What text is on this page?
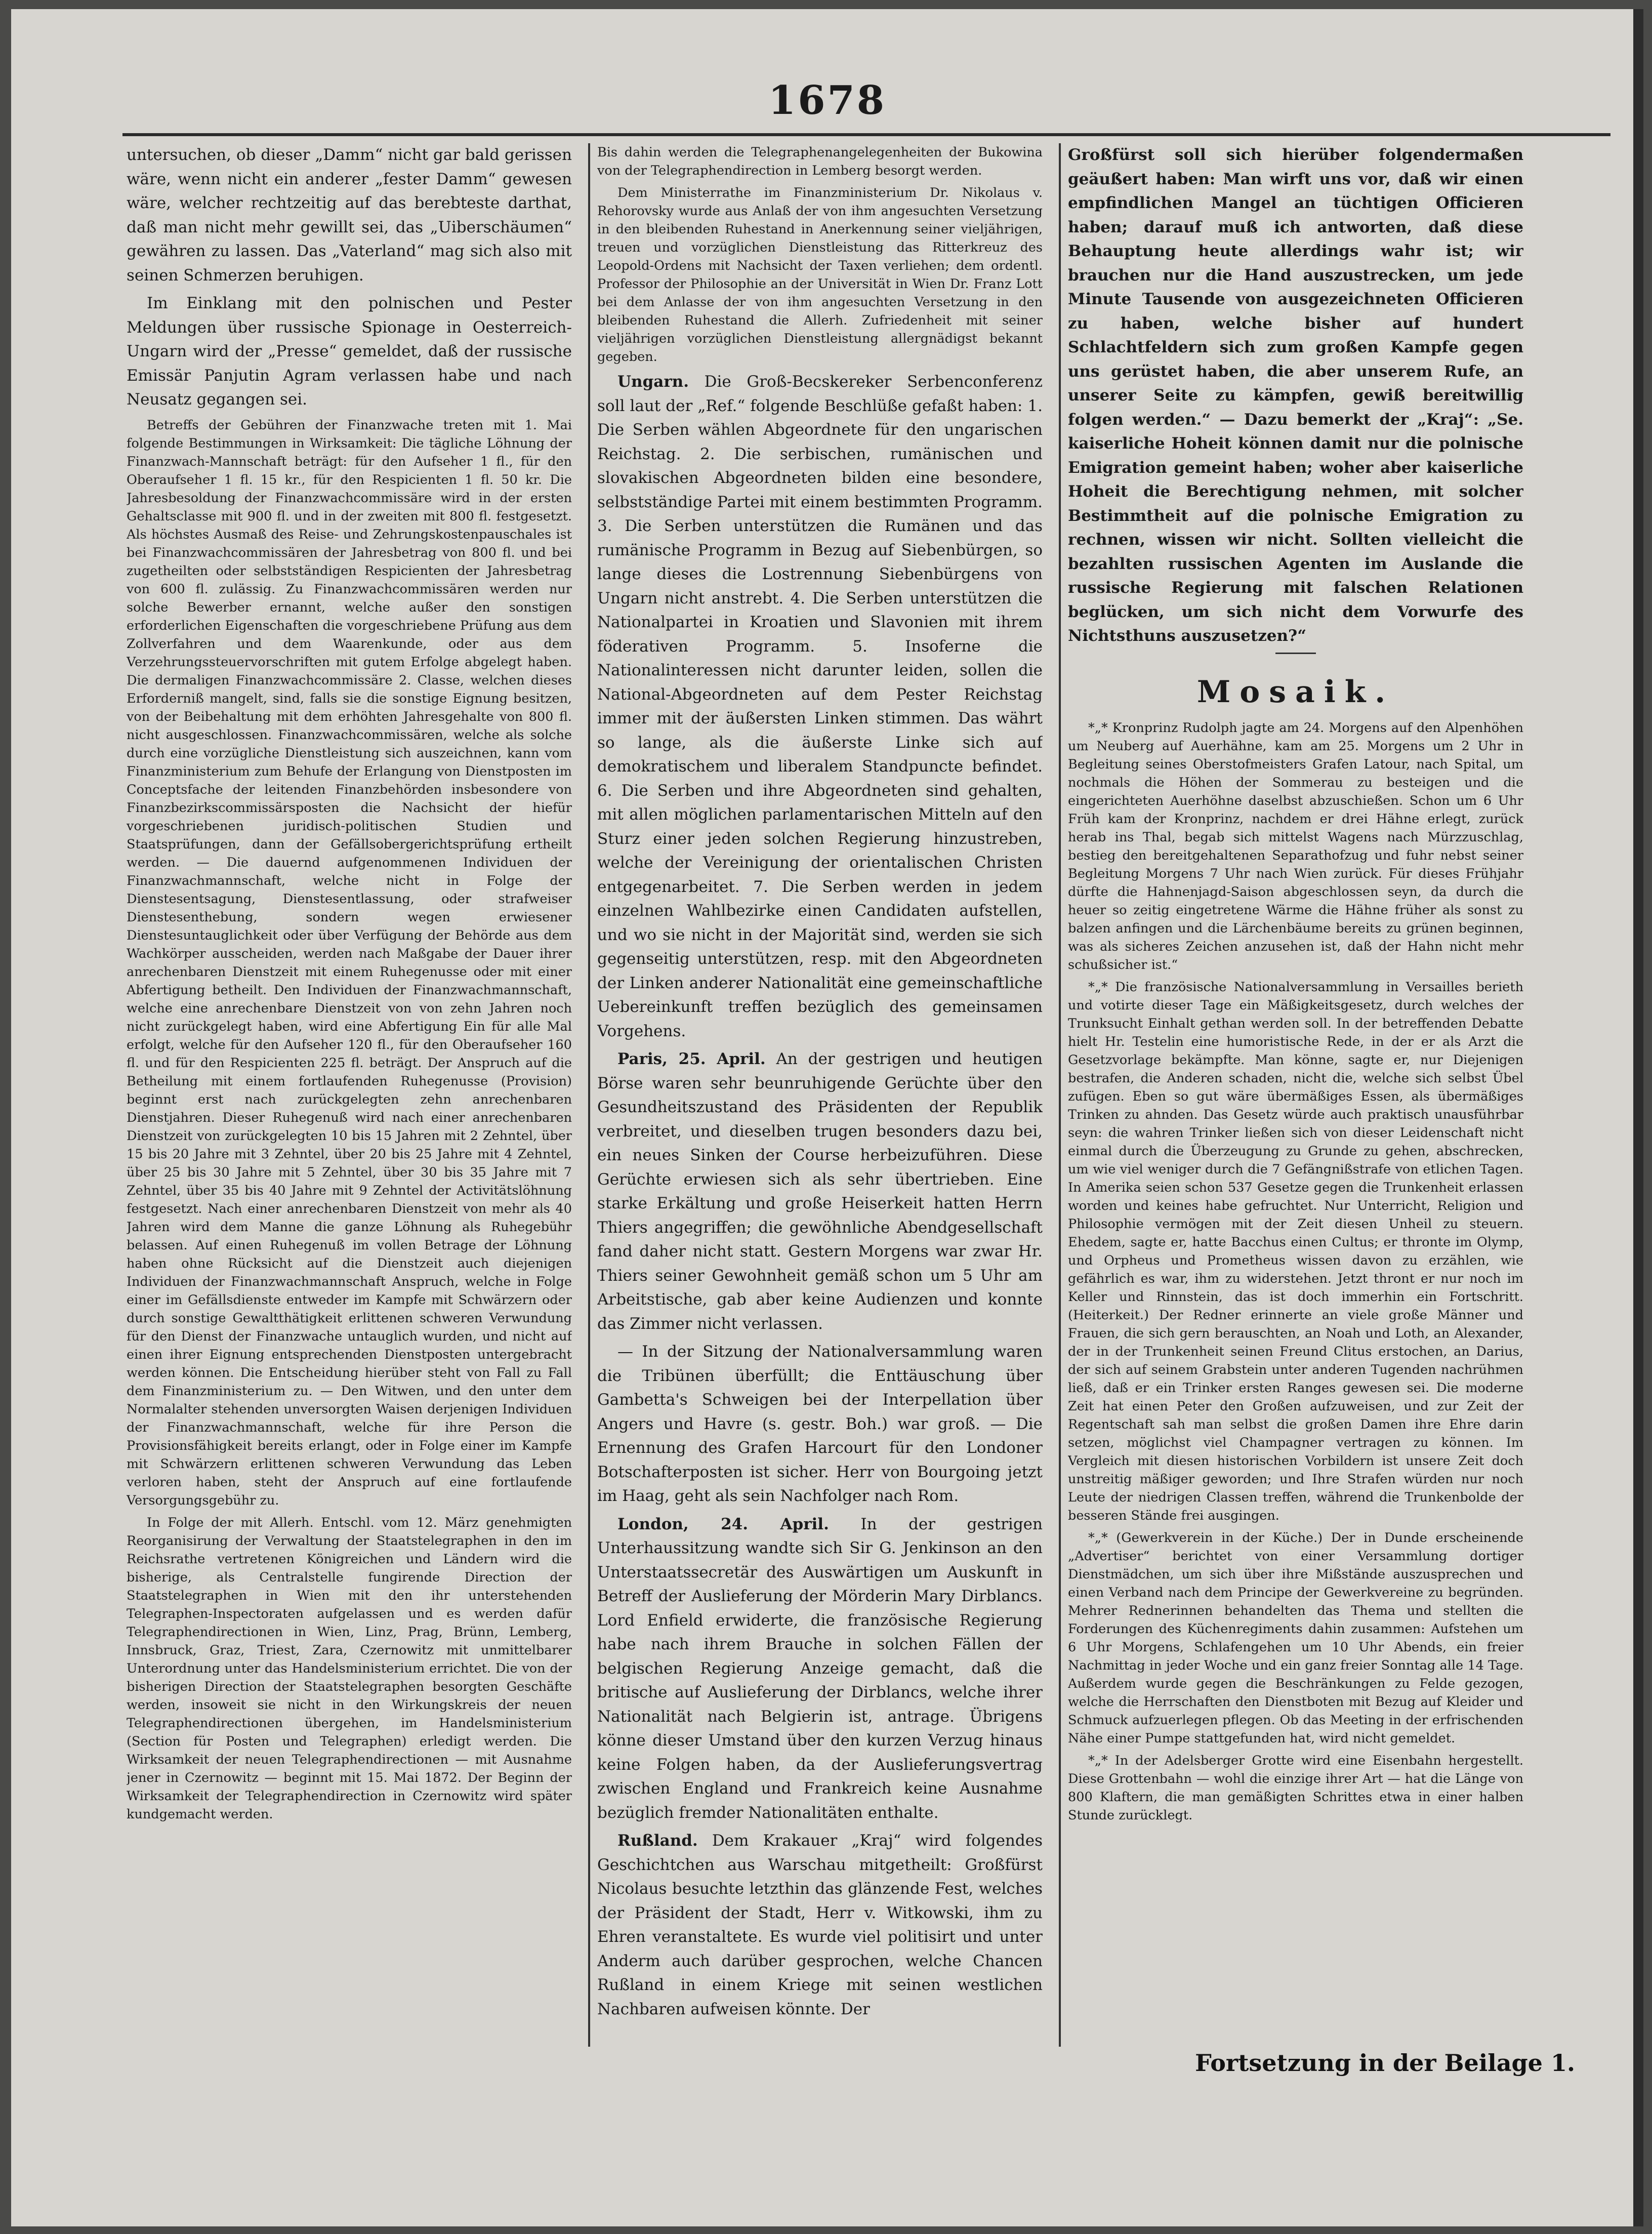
1678

untersuchen, ob dieser „Damm“ nicht gar bald gerissen wäre, wenn nicht ein anderer „fester Damm“ gewesen wäre, welcher rechtzeitig auf das berebteste darthat, daß man nicht mehr gewillt sei, das „Uiberschäumen“ gewähren zu lassen. Das „Vaterland“ mag sich also mit seinen Schmerzen beruhigen.

Im Einklang mit den polnischen und Pester Meldungen über russische Spionage in Oesterreich-Ungarn wird der „Presse“ gemeldet, daß der russische Emissär Panjutin Agram verlassen habe und nach Neusatz gegangen sei.

Betreffs der Gebühren der Finanzwache treten mit 1. Mai folgende Bestimmungen in Wirksamkeit: Die tägliche Löhnung der Finanzwach-Mannschaft beträgt: für den Aufseher 1 fl., für den Oberaufseher 1 fl. 15 kr., für den Respicienten 1 fl. 50 kr. Die Jahresbesoldung der Finanzwachcommissäre wird in der ersten Gehaltsclasse mit 900 fl. und in der zweiten mit 800 fl. festgesetzt. Als höchstes Ausmaß des Reise- und Zehrungskostenpauschales ist bei Finanzwachcommissären der Jahresbetrag von 800 fl. und bei zugetheilten oder selbstständigen Respicienten der Jahresbetrag von 600 fl. zulässig. Zu Finanzwachcommissären werden nur solche Bewerber ernannt, welche außer den sonstigen erforderlichen Eigenschaften die vorgeschriebene Prüfung aus dem Zollverfahren und dem Waarenkunde, oder aus dem Verzehrungssteuervorschriften mit gutem Erfolge abgelegt haben. Die dermaligen Finanzwachcommissäre 2. Classe, welchen dieses Erforderniß mangelt, sind, falls sie die sonstige Eignung besitzen, von der Beibehaltung mit dem erhöhten Jahresgehalte von 800 fl. nicht ausgeschlossen. Finanzwachcommissären, welche als solche durch eine vorzügliche Dienstleistung sich auszeichnen, kann vom Finanzministerium zum Behufe der Erlangung von Dienstposten im Conceptsfache der leitenden Finanzbehörden insbesondere von Finanzbezirkscommissärsposten die Nachsicht der hiefür vorgeschriebenen juridisch-politischen Studien und Staatsprüfungen, dann der Gefällsobergerichtsprüfung ertheilt werden. — Die dauernd aufgenommenen Individuen der Finanzwachmannschaft, welche nicht in Folge der Dienstesentsagung, Dienstesentlassung, oder strafweiser Dienstesenthebung, sondern wegen erwiesener Dienstesuntauglichkeit oder über Verfügung der Behörde aus dem Wachkörper ausscheiden, werden nach Maßgabe der Dauer ihrer anrechenbaren Dienstzeit mit einem Ruhegenusse oder mit einer Abfertigung betheilt. Den Individuen der Finanzwachmannschaft, welche eine anrechenbare Dienstzeit von von zehn Jahren noch nicht zurückgelegt haben, wird eine Abfertigung Ein für alle Mal erfolgt, welche für den Aufseher 120 fl., für den Oberaufseher 160 fl. und für den Respicienten 225 fl. beträgt. Der Anspruch auf die Betheilung mit einem fortlaufenden Ruhegenusse (Provision) beginnt erst nach zurückgelegten zehn anrechenbaren Dienstjahren. Dieser Ruhegenuß wird nach einer anrechenbaren Dienstzeit von zurückgelegten 10 bis 15 Jahren mit 2 Zehntel, über 15 bis 20 Jahre mit 3 Zehntel, über 20 bis 25 Jahre mit 4 Zehntel, über 25 bis 30 Jahre mit 5 Zehntel, über 30 bis 35 Jahre mit 7 Zehntel, über 35 bis 40 Jahre mit 9 Zehntel der Activitätslöhnung festgesetzt. Nach einer anrechenbaren Dienstzeit von mehr als 40 Jahren wird dem Manne die ganze Löhnung als Ruhegebühr belassen. Auf einen Ruhegenuß im vollen Betrage der Löhnung haben ohne Rücksicht auf die Dienstzeit auch diejenigen Individuen der Finanzwachmannschaft Anspruch, welche in Folge einer im Gefällsdienste entweder im Kampfe mit Schwärzern oder durch sonstige Gewaltthätigkeit erlittenen schweren Verwundung für den Dienst der Finanzwache untauglich wurden, und nicht auf einen ihrer Eignung entsprechenden Dienstposten untergebracht werden können. Die Entscheidung hierüber steht von Fall zu Fall dem Finanzministerium zu. — Den Witwen, und den unter dem Normalalter stehenden unversorgten Waisen derjenigen Individuen der Finanzwachmannschaft, welche für ihre Person die Provisionsfähigkeit bereits erlangt, oder in Folge einer im Kampfe mit Schwärzern erlittenen schweren Verwundung das Leben verloren haben, steht der Anspruch auf eine fortlaufende Versorgungsgebühr zu.

In Folge der mit Allerh. Entschl. vom 12. März genehmigten Reorganisirung der Verwaltung der Staatstelegraphen in den im Reichsrathe vertretenen Königreichen und Ländern wird die bisherige, als Centralstelle fungirende Direction der Staatstelegraphen in Wien mit den ihr unterstehenden Telegraphen-Inspectoraten aufgelassen und es werden dafür Telegraphendirectionen in Wien, Linz, Prag, Brünn, Lemberg, Innsbruck, Graz, Triest, Zara, Czernowitz mit unmittelbarer Unterordnung unter das Handelsministerium errichtet. Die von der bisherigen Direction der Staatstelegraphen besorgten Geschäfte werden, insoweit sie nicht in den Wirkungskreis der neuen Telegraphendirectionen übergehen, im Handelsministerium (Section für Posten und Telegraphen) erledigt werden. Die Wirksamkeit der neuen Telegraphendirectionen — mit Ausnahme jener in Czernowitz — beginnt mit 15. Mai 1872. Der Beginn der Wirksamkeit der Telegraphendirection in Czernowitz wird später kundgemacht werden.

Bis dahin werden die Telegraphenangelegenheiten der Bukowina von der Telegraphendirection in Lemberg besorgt werden.

Dem Ministerrathe im Finanzministerium Dr. Nikolaus v. Rehorovsky wurde aus Anlaß der von ihm angesuchten Versetzung in den bleibenden Ruhestand in Anerkennung seiner vieljährigen, treuen und vorzüglichen Dienstleistung das Ritterkreuz des Leopold-Ordens mit Nachsicht der Taxen verliehen; dem ordentl. Professor der Philosophie an der Universität in Wien Dr. Franz Lott bei dem Anlasse der von ihm angesuchten Versetzung in den bleibenden Ruhestand die Allerh. Zufriedenheit mit seiner vieljährigen vorzüglichen Dienstleistung allergnädigst bekannt gegeben.

Ungarn. Die Groß-Becskereker Serbenconferenz soll laut der „Ref.“ folgende Beschlüße gefaßt haben: 1. Die Serben wählen Abgeordnete für den ungarischen Reichstag. 2. Die serbischen, rumänischen und slovakischen Abgeordneten bilden eine besondere, selbstständige Partei mit einem bestimmten Programm. 3. Die Serben unterstützen die Rumänen und das rumänische Programm in Bezug auf Siebenbürgen, so lange dieses die Lostrennung Siebenbürgens von Ungarn nicht anstrebt. 4. Die Serben unterstützen die Nationalpartei in Kroatien und Slavonien mit ihrem föderativen Programm. 5. Insoferne die Nationalinteressen nicht darunter leiden, sollen die National-Abgeordneten auf dem Pester Reichstag immer mit der äußersten Linken stimmen. Das währt so lange, als die äußerste Linke sich auf demokratischem und liberalem Standpuncte befindet. 6. Die Serben und ihre Abgeordneten sind gehalten, mit allen möglichen parlamentarischen Mitteln auf den Sturz einer jeden solchen Regierung hinzustreben, welche der Vereinigung der orientalischen Christen entgegenarbeitet. 7. Die Serben werden in jedem einzelnen Wahlbezirke einen Candidaten aufstellen, und wo sie nicht in der Majorität sind, werden sie sich gegenseitig unterstützen, resp. mit den Abgeordneten der Linken anderer Nationalität eine gemeinschaftliche Uebereinkunft treffen bezüglich des gemeinsamen Vorgehens.

Paris, 25. April. An der gestrigen und heutigen Börse waren sehr beunruhigende Gerüchte über den Gesundheitszustand des Präsidenten der Republik verbreitet, und dieselben trugen besonders dazu bei, ein neues Sinken der Course herbeizuführen. Diese Gerüchte erwiesen sich als sehr übertrieben. Eine starke Erkältung und große Heiserkeit hatten Herrn Thiers angegriffen; die gewöhnliche Abendgesellschaft fand daher nicht statt. Gestern Morgens war zwar Hr. Thiers seiner Gewohnheit gemäß schon um 5 Uhr am Arbeitstische, gab aber keine Audienzen und konnte das Zimmer nicht verlassen.

— In der Sitzung der Nationalversammlung waren die Tribünen überfüllt; die Enttäuschung über Gambetta's Schweigen bei der Interpellation über Angers und Havre (s. gestr. Boh.) war groß. — Die Ernennung des Grafen Harcourt für den Londoner Botschafterposten ist sicher. Herr von Bourgoing jetzt im Haag, geht als sein Nachfolger nach Rom.

London, 24. April. In der gestrigen Unterhaussitzung wandte sich Sir G. Jenkinson an den Unterstaatssecretär des Auswärtigen um Auskunft in Betreff der Auslieferung der Mörderin Mary Dirblancs. Lord Enfield erwiderte, die französische Regierung habe nach ihrem Brauche in solchen Fällen der belgischen Regierung Anzeige gemacht, daß die britische auf Auslieferung der Dirblancs, welche ihrer Nationalität nach Belgierin ist, antrage. Übrigens könne dieser Umstand über den kurzen Verzug hinaus keine Folgen haben, da der Auslieferungsvertrag zwischen England und Frankreich keine Ausnahme bezüglich fremder Nationalitäten enthalte.

Rußland. Dem Krakauer „Kraj“ wird folgendes Geschichtchen aus Warschau mitgetheilt: Großfürst Nicolaus besuchte letzthin das glänzende Fest, welches der Präsident der Stadt, Herr v. Witkowski, ihm zu Ehren veranstaltete. Es wurde viel politisirt und unter Anderm auch darüber gesprochen, welche Chancen Rußland in einem Kriege mit seinen westlichen Nachbaren aufweisen könnte. Der

Großfürst soll sich hierüber folgendermaßen geäußert haben: Man wirft uns vor, daß wir einen empfindlichen Mangel an tüchtigen Officieren haben; darauf muß ich antworten, daß diese Behauptung heute allerdings wahr ist; wir brauchen nur die Hand auszustrecken, um jede Minute Tausende von ausgezeichneten Officieren zu haben, welche bisher auf hundert Schlachtfeldern sich zum großen Kampfe gegen uns gerüstet haben, die aber unserem Rufe, an unserer Seite zu kämpfen, gewiß bereitwillig folgen werden.“ — Dazu bemerkt der „Kraj“: „Se. kaiserliche Hoheit können damit nur die polnische Emigration gemeint haben; woher aber kaiserliche Hoheit die Berechtigung nehmen, mit solcher Bestimmtheit auf die polnische Emigration zu rechnen, wissen wir nicht. Sollten vielleicht die bezahlten russischen Agenten im Auslande die russische Regierung mit falschen Relationen beglücken, um sich nicht dem Vorwurfe des Nichtsthuns auszusetzen?“

Mosaik.

*„* Kronprinz Rudolph jagte am 24. Morgens auf den Alpenhöhen um Neuberg auf Auerhähne, kam am 25. Morgens um 2 Uhr in Begleitung seines Oberstofmeisters Grafen Latour, nach Spital, um nochmals die Höhen der Sommerau zu besteigen und die eingerichteten Auerhöhne daselbst abzuschießen. Schon um 6 Uhr Früh kam der Kronprinz, nachdem er drei Hähne erlegt, zurück herab ins Thal, begab sich mittelst Wagens nach Mürzzuschlag, bestieg den bereitgehaltenen Separathofzug und fuhr nebst seiner Begleitung Morgens 7 Uhr nach Wien zurück. Für dieses Frühjahr dürfte die Hahnenjagd-Saison abgeschlossen seyn, da durch die heuer so zeitig eingetretene Wärme die Hähne früher als sonst zu balzen anfingen und die Lärchenbäume bereits zu grünen beginnen, was als sicheres Zeichen anzusehen ist, daß der Hahn nicht mehr schußsicher ist.“

*„* Die französische Nationalversammlung in Versailles berieth und votirte dieser Tage ein Mäßigkeitsgesetz, durch welches der Trunksucht Einhalt gethan werden soll. In der betreffenden Debatte hielt Hr. Testelin eine humoristische Rede, in der er als Arzt die Gesetzvorlage bekämpfte. Man könne, sagte er, nur Diejenigen bestrafen, die Anderen schaden, nicht die, welche sich selbst Übel zufügen. Eben so gut wäre übermäßiges Essen, als übermäßiges Trinken zu ahnden. Das Gesetz würde auch praktisch unausführbar seyn: die wahren Trinker ließen sich von dieser Leidenschaft nicht einmal durch die Überzeugung zu Grunde zu gehen, abschrecken, um wie viel weniger durch die 7 Gefängnißstrafe von etlichen Tagen. In Amerika seien schon 537 Gesetze gegen die Trunkenheit erlassen worden und keines habe gefruchtet. Nur Unterricht, Religion und Philosophie vermögen mit der Zeit diesen Unheil zu steuern. Ehedem, sagte er, hatte Bacchus einen Cultus; er thronte im Olymp, und Orpheus und Prometheus wissen davon zu erzählen, wie gefährlich es war, ihm zu widerstehen. Jetzt thront er nur noch im Keller und Rinnstein, das ist doch immerhin ein Fortschritt. (Heiterkeit.) Der Redner erinnerte an viele große Männer und Frauen, die sich gern berauschten, an Noah und Loth, an Alexander, der in der Trunkenheit seinen Freund Clitus erstochen, an Darius, der sich auf seinem Grabstein unter anderen Tugenden nachrühmen ließ, daß er ein Trinker ersten Ranges gewesen sei. Die moderne Zeit hat einen Peter den Großen aufzuweisen, und zur Zeit der Regentschaft sah man selbst die großen Damen ihre Ehre darin setzen, möglichst viel Champagner vertragen zu können. Im Vergleich mit diesen historischen Vorbildern ist unsere Zeit doch unstreitig mäßiger geworden; und Ihre Strafen würden nur noch Leute der niedrigen Classen treffen, während die Trunkenbolde der besseren Stände frei ausgingen.

*„* (Gewerkverein in der Küche.) Der in Dunde erscheinende „Advertiser“ berichtet von einer Versammlung dortiger Dienstmädchen, um sich über ihre Mißstände auszusprechen und einen Verband nach dem Principe der Gewerkvereine zu begründen. Mehrer Rednerinnen behandelten das Thema und stellten die Forderungen des Küchenregiments dahin zusammen: Aufstehen um 6 Uhr Morgens, Schlafengehen um 10 Uhr Abends, ein freier Nachmittag in jeder Woche und ein ganz freier Sonntag alle 14 Tage. Außerdem wurde gegen die Beschränkungen zu Felde gezogen, welche die Herrschaften den Dienstboten mit Bezug auf Kleider und Schmuck aufzuerlegen pflegen. Ob das Meeting in der erfrischenden Nähe einer Pumpe stattgefunden hat, wird nicht gemeldet.

*„* In der Adelsberger Grotte wird eine Eisenbahn hergestellt. Diese Grottenbahn — wohl die einzige ihrer Art — hat die Länge von 800 Klaftern, die man gemäßigten Schrittes etwa in einer halben Stunde zurücklegt.

Fortsetzung in der Beilage 1.
